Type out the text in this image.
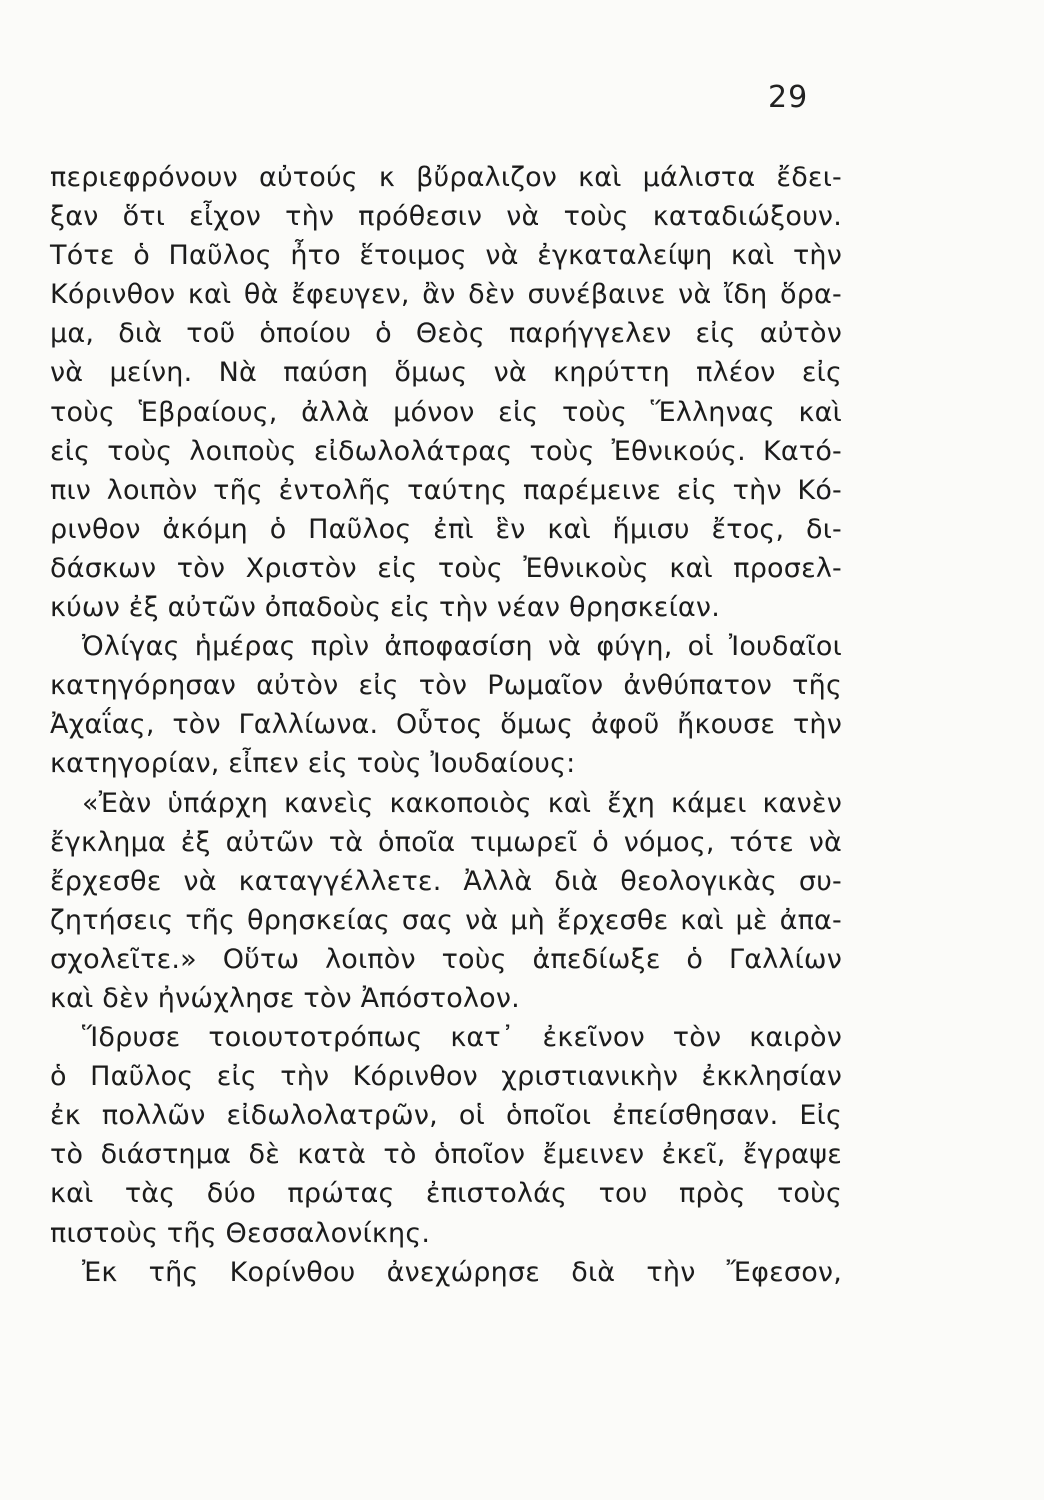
29
περιεφρόνουν αὐτούς κ βὔραλιζον καὶ μάλιστα ἔδει-
ξαν ὅτι εἶχον τὴν πρόθεσιν νὰ τοὺς καταδιώξουν.
Τότε ὁ Παῦλος ἦτο ἕτοιμος νὰ ἐγκαταλείψη καὶ τὴν
Κόρινθον καὶ θὰ ἔφευγεν, ἂν δὲν συνέβαινε νὰ ἴδη ὅρα-
μα, διὰ τοῦ ὁποίου ὁ Θεὸς παρήγγελεν εἰς αὐτὸν
νὰ μείνη. Νὰ παύση ὅμως νὰ κηρύττη πλέον εἰς
τοὺς Ἑβραίους, ἀλλὰ μόνον εἰς τοὺς Ἕλληνας καὶ
εἰς τοὺς λοιποὺς εἰδωλολάτρας τοὺς Ἐθνικούς. Κατό-
πιν λοιπὸν τῆς ἐντολῆς ταύτης παρέμεινε εἰς τὴν Κό-
ρινθον ἀκόμη ὁ Παῦλος ἐπὶ ἓν καὶ ἥμισυ ἔτος, δι-
δάσκων τὸν Χριστὸν εἰς τοὺς Ἐθνικοὺς καὶ προσελ-
κύων ἐξ αὐτῶν ὀπαδοὺς εἰς τὴν νέαν θρησκείαν.
Ὀλίγας ἡμέρας πρὶν ἀποφασίση νὰ φύγη, οἱ Ἰουδαῖοι
κατηγόρησαν αὐτὸν εἰς τὸν Ρωμαῖον ἀνθύπατον τῆς
Ἀχαΐας, τὸν Γαλλίωνα. Οὗτος ὅμως ἀφοῦ ἤκουσε τὴν
κατηγορίαν, εἶπεν εἰς τοὺς Ἰουδαίους:
«Ἐὰν ὑπάρχη κανεὶς κακοποιὸς καὶ ἔχη κάμει κανὲν
ἔγκλημα ἐξ αὐτῶν τὰ ὁποῖα τιμωρεῖ ὁ νόμος, τότε νὰ
ἔρχεσθε νὰ καταγγέλλετε. Ἀλλὰ διὰ θεολογικὰς συ-
ζητήσεις τῆς θρησκείας σας νὰ μὴ ἔρχεσθε καὶ μὲ ἀπα-
σχολεῖτε.» Οὕτω λοιπὸν τοὺς ἀπεδίωξε ὁ Γαλλίων
καὶ δὲν ἠνώχλησε τὸν Ἀπόστολον.
Ἵδρυσε τοιουτοτρόπως κατ᾽ ἐκεῖνον τὸν καιρὸν
ὁ Παῦλος εἰς τὴν Κόρινθον χριστιανικὴν ἐκκλησίαν
ἐκ πολλῶν εἰδωλολατρῶν, οἱ ὁποῖοι ἐπείσθησαν. Εἰς
τὸ διάστημα δὲ κατὰ τὸ ὁποῖον ἔμεινεν ἐκεῖ, ἔγραψε
καὶ τὰς δύο πρώτας ἐπιστολάς του πρὸς τοὺς
πιστοὺς τῆς Θεσσαλονίκης.
Ἐκ τῆς Κορίνθου ἀνεχώρησε διὰ τὴν Ἔφεσον,
